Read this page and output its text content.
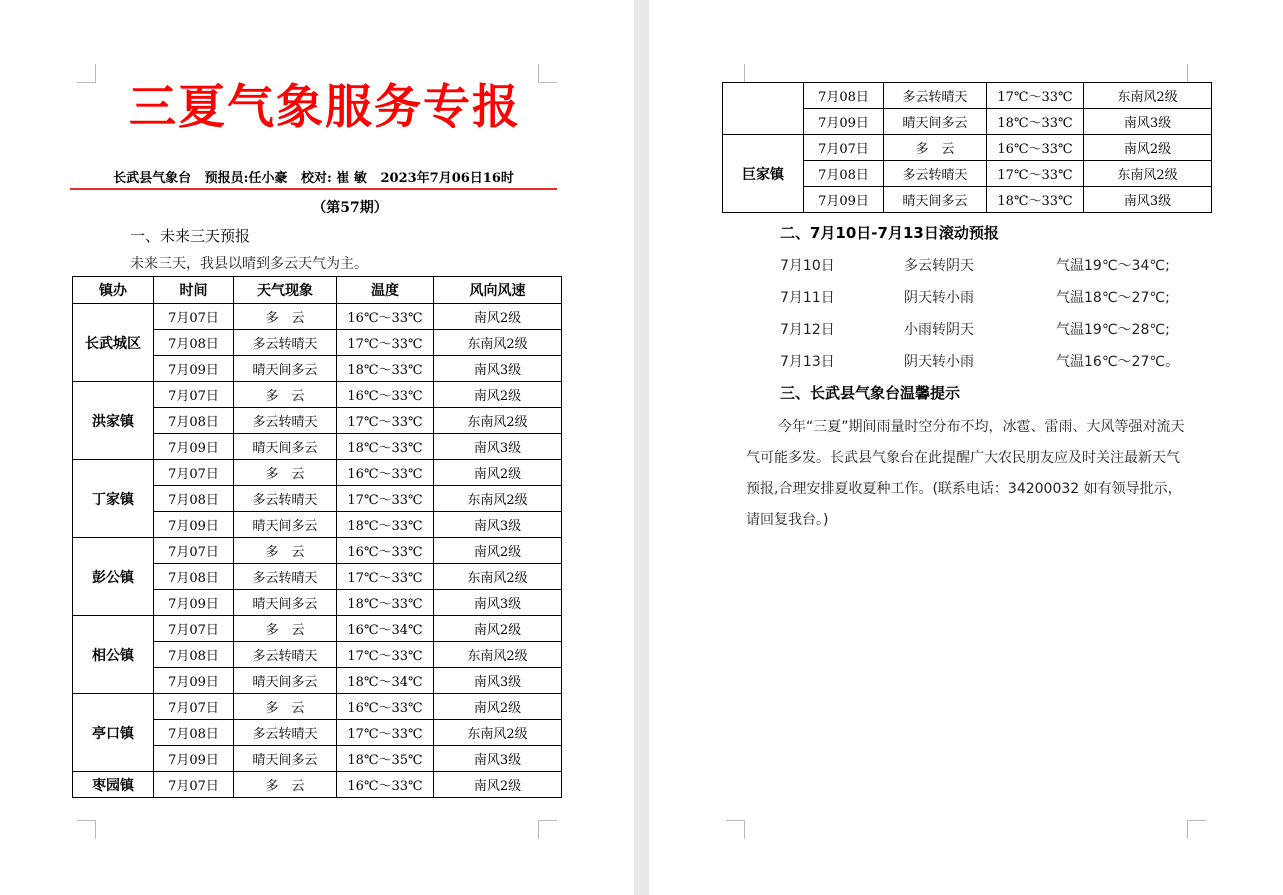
三夏气象服务专报
长武县气象台   预报员:任小豪   校对: 崔 敏   2023年7月06日16时
（第57期）
一、未来三天预报
未来三天，我县以晴到多云天气为主。
镇办	时间	天气现象	温度	风向风速
长武城区	7月07日	多　云	16℃～33℃	南风2级
	7月08日	多云转晴天	17℃～33℃	东南风2级
	7月09日	晴天间多云	18℃～33℃	南风3级
洪家镇	7月07日	多　云	16℃～33℃	南风2级
	7月08日	多云转晴天	17℃～33℃	东南风2级
	7月09日	晴天间多云	18℃～33℃	南风3级
丁家镇	7月07日	多　云	16℃～33℃	南风2级
	7月08日	多云转晴天	17℃～33℃	东南风2级
	7月09日	晴天间多云	18℃～33℃	南风3级
彭公镇	7月07日	多　云	16℃～33℃	南风2级
	7月08日	多云转晴天	17℃～33℃	东南风2级
	7月09日	晴天间多云	18℃～33℃	南风3级
相公镇	7月07日	多　云	16℃～34℃	南风2级
	7月08日	多云转晴天	17℃～33℃	东南风2级
	7月09日	晴天间多云	18℃～34℃	南风3级
亭口镇	7月07日	多　云	16℃～33℃	南风2级
	7月08日	多云转晴天	17℃～33℃	东南风2级
	7月09日	晴天间多云	18℃～35℃	南风3级
枣园镇	7月07日	多　云	16℃～33℃	南风2级
	7月08日	多云转晴天	17℃～33℃	东南风2级
	7月09日	晴天间多云	18℃～33℃	南风3级
巨家镇	7月07日	多　云	16℃～33℃	南风2级
	7月08日	多云转晴天	17℃～33℃	东南风2级
	7月09日	晴天间多云	18℃～33℃	南风3级
二、7月10日-7月13日滚动预报
7月10日	多云转阴天	气温19℃～34℃;
7月11日	阴天转小雨	气温18℃～27℃;
7月12日	小雨转阴天	气温19℃～28℃;
7月13日	阴天转小雨	气温16℃～27℃。
三、长武县气象台温馨提示
今年“三夏”期间雨量时空分布不均，冰雹、雷雨、大风等强对流天气可能多发。长武县气象台在此提醒广大农民朋友应及时关注最新天气预报,合理安排夏收夏种工作。(联系电话：34200032 如有领导批示，请回复我台。)
